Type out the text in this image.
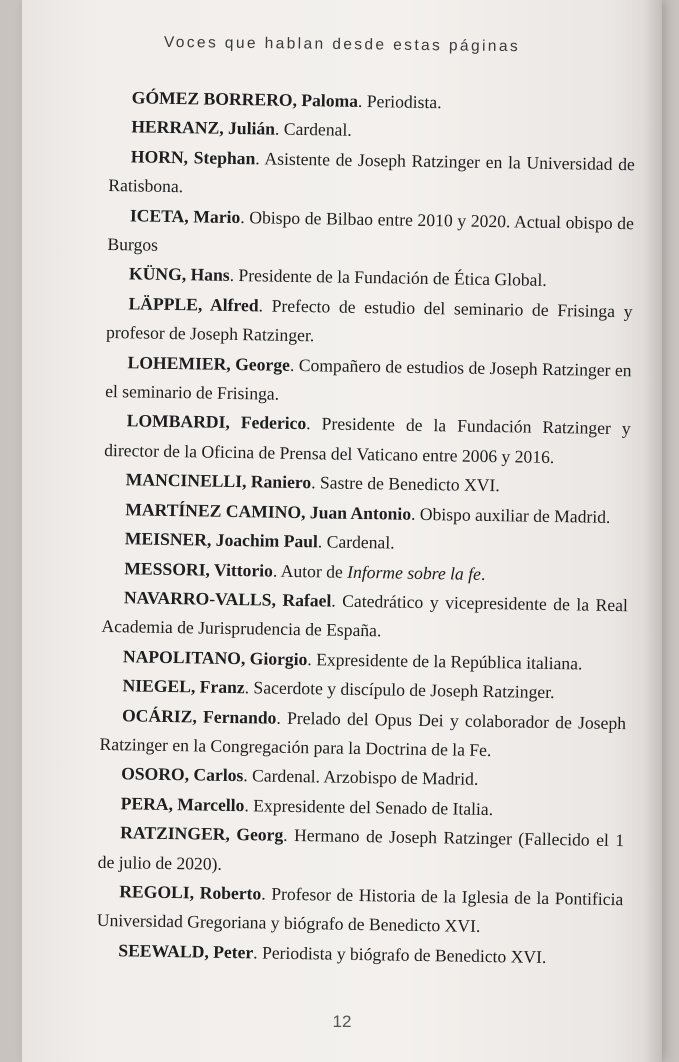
Voces que hablan desde estas páginas

GÓMEZ BORRERO, Paloma. Periodista.

HERRANZ, Julián. Cardenal.

HORN, Stephan. Asistente de Joseph Ratzinger en la Universidad de Ratisbona.

ICETA, Mario. Obispo de Bilbao entre 2010 y 2020. Actual obispo de Burgos

KÜNG, Hans. Presidente de la Fundación de Ética Global.

LÄPPLE, Alfred. Prefecto de estudio del seminario de Frisinga y profesor de Joseph Ratzinger.

LOHEMIER, George. Compañero de estudios de Joseph Ratzinger en el seminario de Frisinga.

LOMBARDI, Federico. Presidente de la Fundación Ratzinger y director de la Oficina de Prensa del Vaticano entre 2006 y 2016.

MANCINELLI, Raniero. Sastre de Benedicto XVI.

MARTÍNEZ CAMINO, Juan Antonio. Obispo auxiliar de Madrid.

MEISNER, Joachim Paul. Cardenal.

MESSORI, Vittorio. Autor de Informe sobre la fe.

NAVARRO-VALLS, Rafael. Catedrático y vicepresidente de la Real Academia de Jurisprudencia de España.

NAPOLITANO, Giorgio. Expresidente de la República italiana.

NIEGEL, Franz. Sacerdote y discípulo de Joseph Ratzinger.

OCÁRIZ, Fernando. Prelado del Opus Dei y colaborador de Joseph Ratzinger en la Congregación para la Doctrina de la Fe.

OSORO, Carlos. Cardenal. Arzobispo de Madrid.

PERA, Marcello. Expresidente del Senado de Italia.

RATZINGER, Georg. Hermano de Joseph Ratzinger (Fallecido el 1 de julio de 2020).

REGOLI, Roberto. Profesor de Historia de la Iglesia de la Pontificia Universidad Gregoriana y biógrafo de Benedicto XVI.

SEEWALD, Peter. Periodista y biógrafo de Benedicto XVI.

12
